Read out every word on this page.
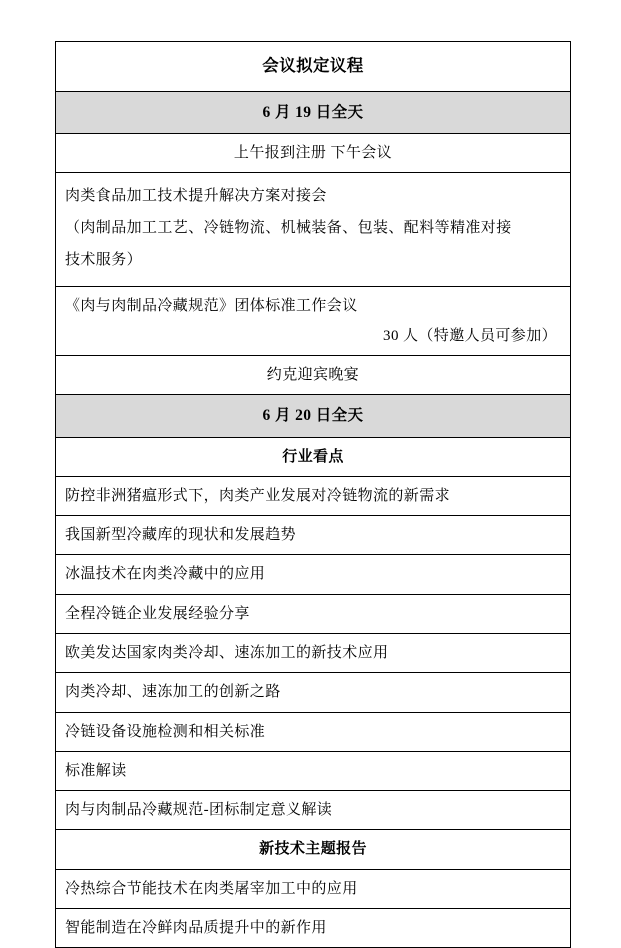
会议拟定议程

6 月 19 日全天

上午报到注册 下午会议

肉类食品加工技术提升解决方案对接会
（肉制品加工工艺、冷链物流、机械装备、包装、配料等精准对接
技术服务）

《肉与肉制品冷藏规范》团体标准工作会议
30 人（特邀人员可参加）

约克迎宾晚宴

6 月 20 日全天

行业看点

防控非洲猪瘟形式下，肉类产业发展对冷链物流的新需求

我国新型冷藏库的现状和发展趋势

冰温技术在肉类冷藏中的应用

全程冷链企业发展经验分享

欧美发达国家肉类冷却、速冻加工的新技术应用

肉类冷却、速冻加工的创新之路

冷链设备设施检测和相关标准

标准解读

肉与肉制品冷藏规范-团标制定意义解读

新技术主题报告

冷热综合节能技术在肉类屠宰加工中的应用

智能制造在冷鲜肉品质提升中的新作用
